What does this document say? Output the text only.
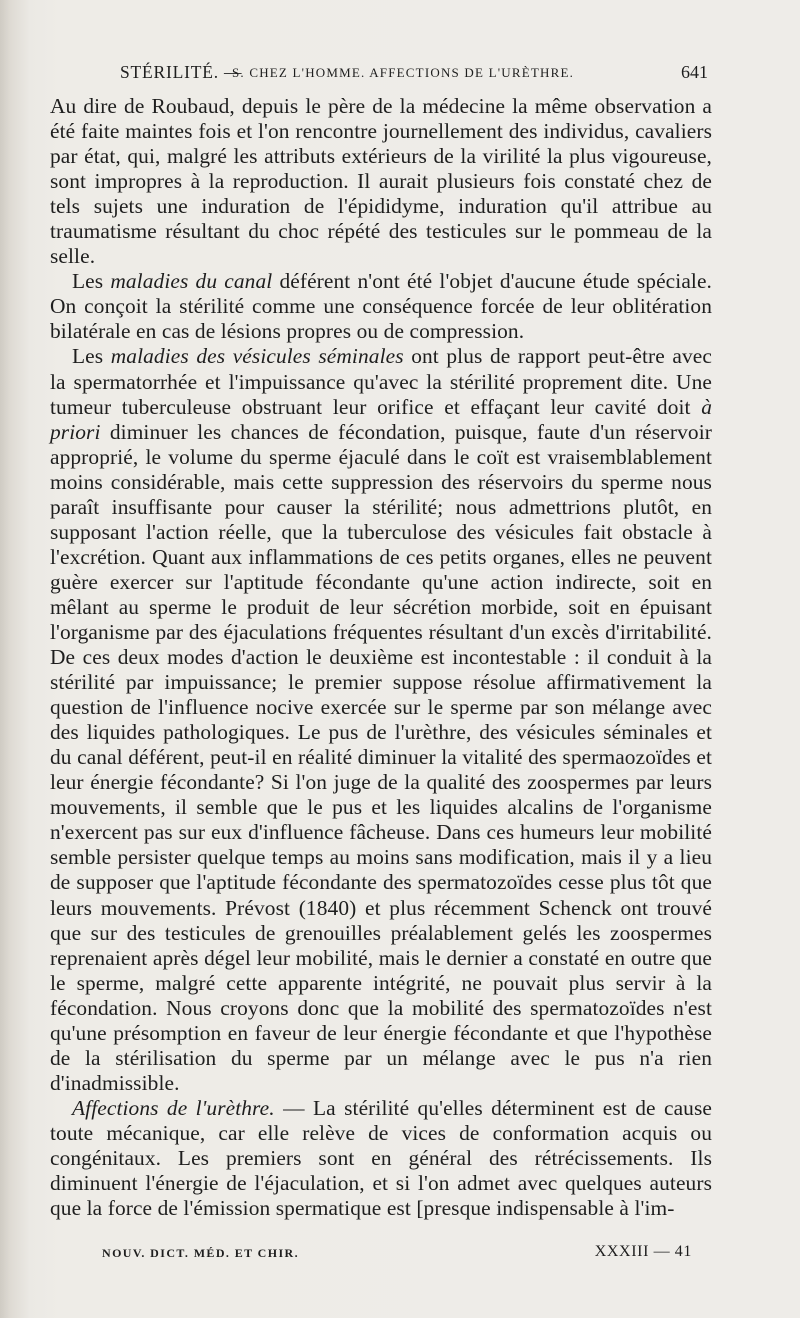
STÉRILITÉ. —
S. CHEZ L'HOMME. AFFECTIONS DE L'URÈTHRE.	641

Au dire de Roubaud, depuis le père de la médecine la même observation a été faite maintes fois et l'on rencontre journellement des individus, cavaliers par état, qui, malgré les attributs extérieurs de la virilité la plus vigoureuse, sont impropres à la reproduction. Il aurait plusieurs fois constaté chez de tels sujets une induration de l'épididyme, induration qu'il attribue au traumatisme résultant du choc répété des testicules sur le pommeau de la selle.

Les maladies du canal déférent n'ont été l'objet d'aucune étude spéciale. On conçoit la stérilité comme une conséquence forcée de leur oblitération bilatérale en cas de lésions propres ou de compression.

Les maladies des vésicules séminales ont plus de rapport peut-être avec la spermatorrhée et l'impuissance qu'avec la stérilité proprement dite. Une tumeur tuberculeuse obstruant leur orifice et effaçant leur cavité doit à priori diminuer les chances de fécondation, puisque, faute d'un réservoir approprié, le volume du sperme éjaculé dans le coït est vraisemblablement moins considérable, mais cette suppression des réservoirs du sperme nous paraît insuffisante pour causer la stérilité; nous admettrions plutôt, en supposant l'action réelle, que la tuberculose des vésicules fait obstacle à l'excrétion. Quant aux inflammations de ces petits organes, elles ne peuvent guère exercer sur l'aptitude fécondante qu'une action indirecte, soit en mêlant au sperme le produit de leur sécrétion morbide, soit en épuisant l'organisme par des éjaculations fréquentes résultant d'un excès d'irritabilité. De ces deux modes d'action le deuxième est incontestable : il conduit à la stérilité par impuissance; le premier suppose résolue affirmativement la question de l'influence nocive exercée sur le sperme par son mélange avec des liquides pathologiques. Le pus de l'urèthre, des vésicules séminales et du canal déférent, peut-il en réalité diminuer la vitalité des spermaozoïdes et leur énergie fécondante? Si l'on juge de la qualité des zoospermes par leurs mouvements, il semble que le pus et les liquides alcalins de l'organisme n'exercent pas sur eux d'influence fâcheuse. Dans ces humeurs leur mobilité semble persister quelque temps au moins sans modification, mais il y a lieu de supposer que l'aptitude fécondante des spermatozoïdes cesse plus tôt que leurs mouvements. Prévost (1840) et plus récemment Schenck ont trouvé que sur des testicules de grenouilles préalablement gelés les zoospermes reprenaient après dégel leur mobilité, mais le dernier a constaté en outre que le sperme, malgré cette apparente intégrité, ne pouvait plus servir à la fécondation. Nous croyons donc que la mobilité des spermatozoïdes n'est qu'une présomption en faveur de leur énergie fécondante et que l'hypothèse de la stérilisation du sperme par un mélange avec le pus n'a rien d'inadmissible.

Affections de l'urèthre. — La stérilité qu'elles déterminent est de cause toute mécanique, car elle relève de vices de conformation acquis ou congénitaux. Les premiers sont en général des rétrécissements. Ils diminuent l'énergie de l'éjaculation, et si l'on admet avec quelques auteurs que la force de l'émission spermatique est [presque indispensable à l'im-

NOUV. DICT. MÉD. ET CHIR.	XXXIII — 41
